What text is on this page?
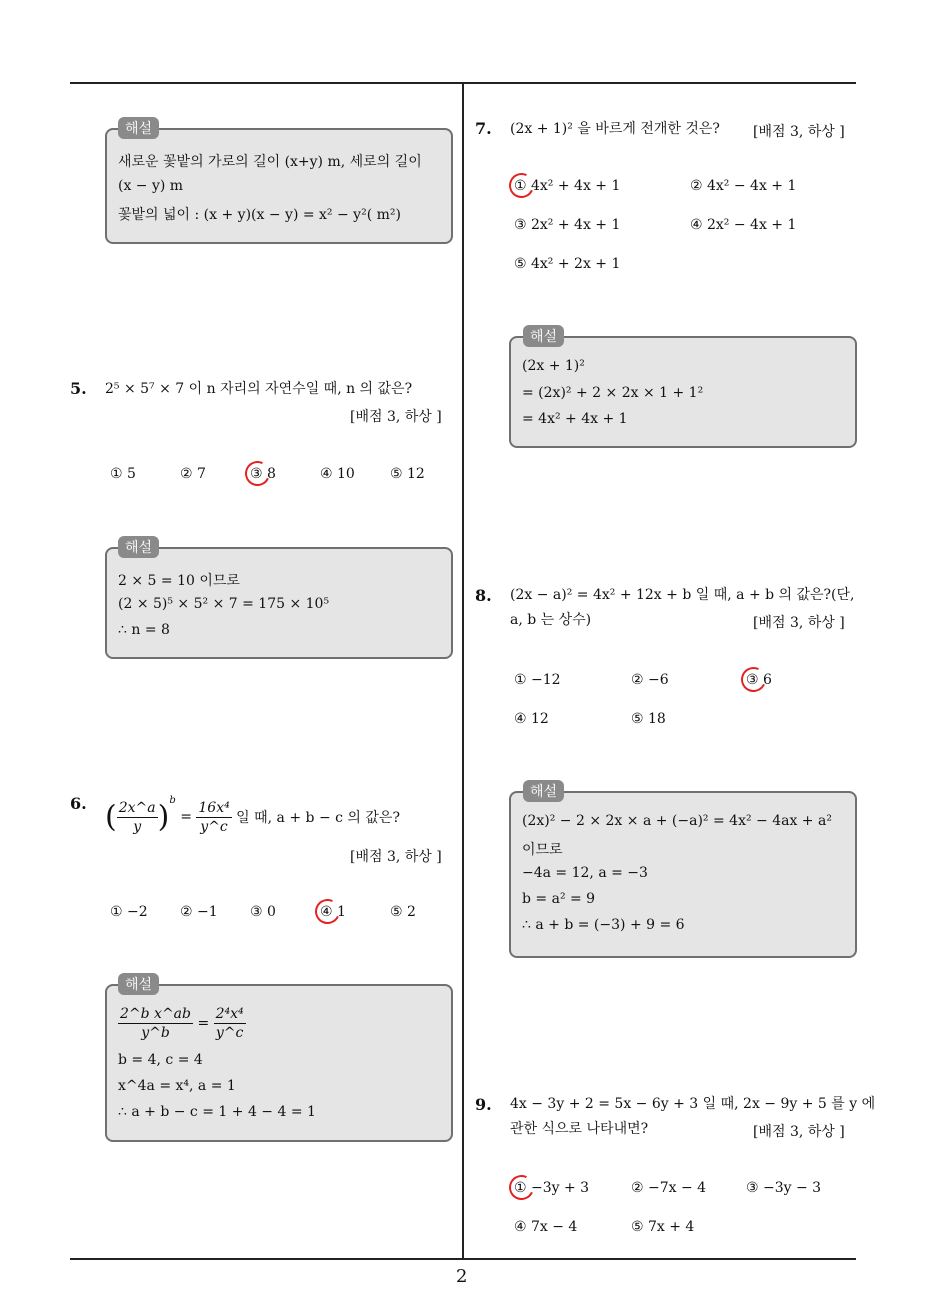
2
해설
새로운 꽃밭의 가로의 길이 (x+y) m, 세로의 길이
(x − y) m
꽃밭의 넓이 : (x + y)(x − y) = x² − y²( m²)
5. 2⁵ × 5⁷ × 7 이 n 자리의 자연수일 때, n 의 값은?
[배점 3, 하상 ]
① 5	② 7	③ 8	④ 10	⑤ 12
해설
2 × 5 = 10 이므로
(2 × 5)⁵ × 5² × 7 = 175 × 10⁵
∴ n = 8
6. ( $\frac{2x\^{}a}{y} )^b = \frac{\text{16x⁴}}{y\^{}c}$ 일 때, a + b − c 의 값은?
[배점 3, 하상 ]
① −2 ② −1 ③ 0	④ 1	⑤ 2
해설
$\frac{\text{2\textasciicircum{}b x\textasciicircum{}ab}}{y\^{}b} = \frac{\text{2⁴x⁴}}{y\^{}c}$
b = 4, c = 4
x^4a = x⁴, a = 1
∴ a + b − c = 1 + 4 − 4 = 1
7. (2x + 1)² 을 바르게 전개한 것은? [배점 3, 하상 ]
① 4x² + 4x + 1	② 4x² − 4x + 1
③ 2x² + 4x + 1	④ 2x² − 4x + 1
⑤ 4x² + 2x + 1
해설
(2x + 1)²
= (2x)² + 2 × 2x × 1 + 1²
= 4x² + 4x + 1
8. (2x − a)² = 4x² + 12x + b 일 때, a + b 의 값은?(단,
a, b 는 상수)	[배점 3, 하상 ]
① −12	② −6	③ 6
④ 12	⑤ 18
해설
(2x)² − 2 × 2x × a + (−a)² = 4x² − 4ax + a²
이므로
−4a = 12, a = −3
b = a² = 9
∴ a + b = (−3) + 9 = 6
9. 4x − 3y + 2 = 5x − 6y + 3 일 때, 2x − 9y + 5 를 y 에
관한 식으로 나타내면?	[배점 3, 하상 ]
① −3y + 3	② −7x − 4	③ −3y − 3
④ 7x − 4	⑤ 7x + 4
